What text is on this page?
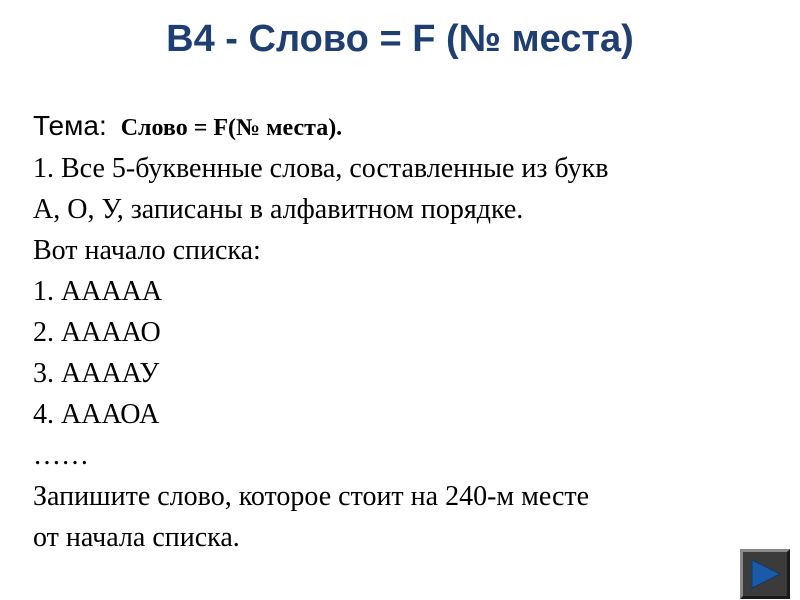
B4 - Слово = F (№ места)
Тема: Слово = F(№ места).
1. Все 5-буквенные слова, составленные из букв
А, О, У, записаны в алфавитном порядке.
Вот начало списка:
1. ААААА
2. ААААО
3. ААААУ
4. АААОА
……
Запишите слово, которое стоит на 240-м месте
от начала списка.
